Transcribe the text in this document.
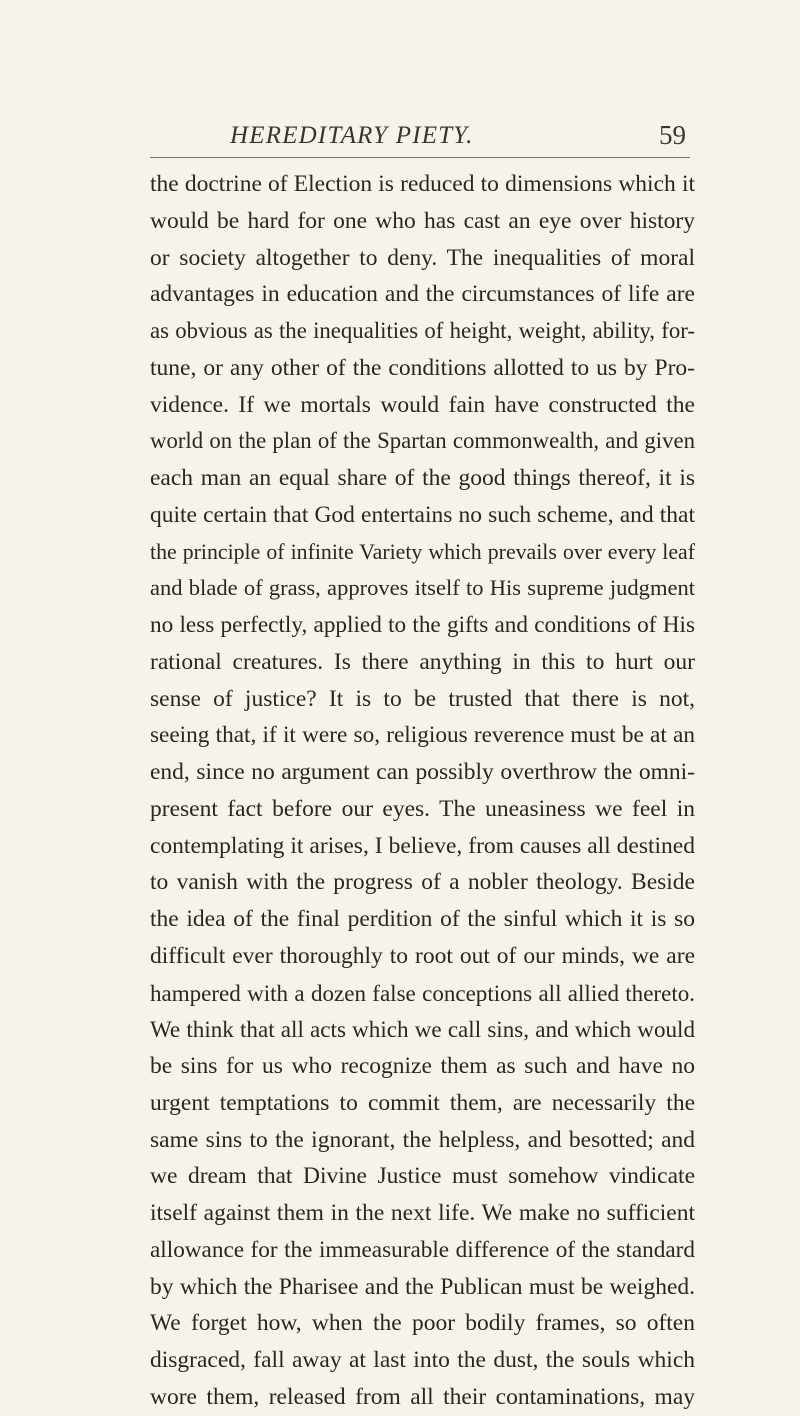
HEREDITARY PIETY.	59
the doctrine of Election is reduced to dimensions which it
would be hard for one who has cast an eye over history
or society altogether to deny. The inequalities of moral
advantages in education and the circumstances of life are
as obvious as the inequalities of height, weight, ability, for-
tune, or any other of the conditions allotted to us by Pro-
vidence. If we mortals would fain have constructed the
world on the plan of the Spartan commonwealth, and given
each man an equal share of the good things thereof, it is
quite certain that God entertains no such scheme, and that
the principle of infinite Variety which prevails over every leaf
and blade of grass, approves itself to His supreme judgment
no less perfectly, applied to the gifts and conditions of His
rational creatures. Is there anything in this to hurt our
sense of justice? It is to be trusted that there is not,
seeing that, if it were so, religious reverence must be at an
end, since no argument can possibly overthrow the omni-
present fact before our eyes. The uneasiness we feel in
contemplating it arises, I believe, from causes all destined
to vanish with the progress of a nobler theology. Beside
the idea of the final perdition of the sinful which it is so
difficult ever thoroughly to root out of our minds, we are
hampered with a dozen false conceptions all allied thereto.
We think that all acts which we call sins, and which would
be sins for us who recognize them as such and have no
urgent temptations to commit them, are necessarily the
same sins to the ignorant, the helpless, and besotted; and
we dream that Divine Justice must somehow vindicate
itself against them in the next life. We make no sufficient
allowance for the immeasurable difference of the standard
by which the Pharisee and the Publican must be weighed.
We forget how, when the poor bodily frames, so often
disgraced, fall away at last into the dust, the souls which
wore them, released from all their contaminations, may
